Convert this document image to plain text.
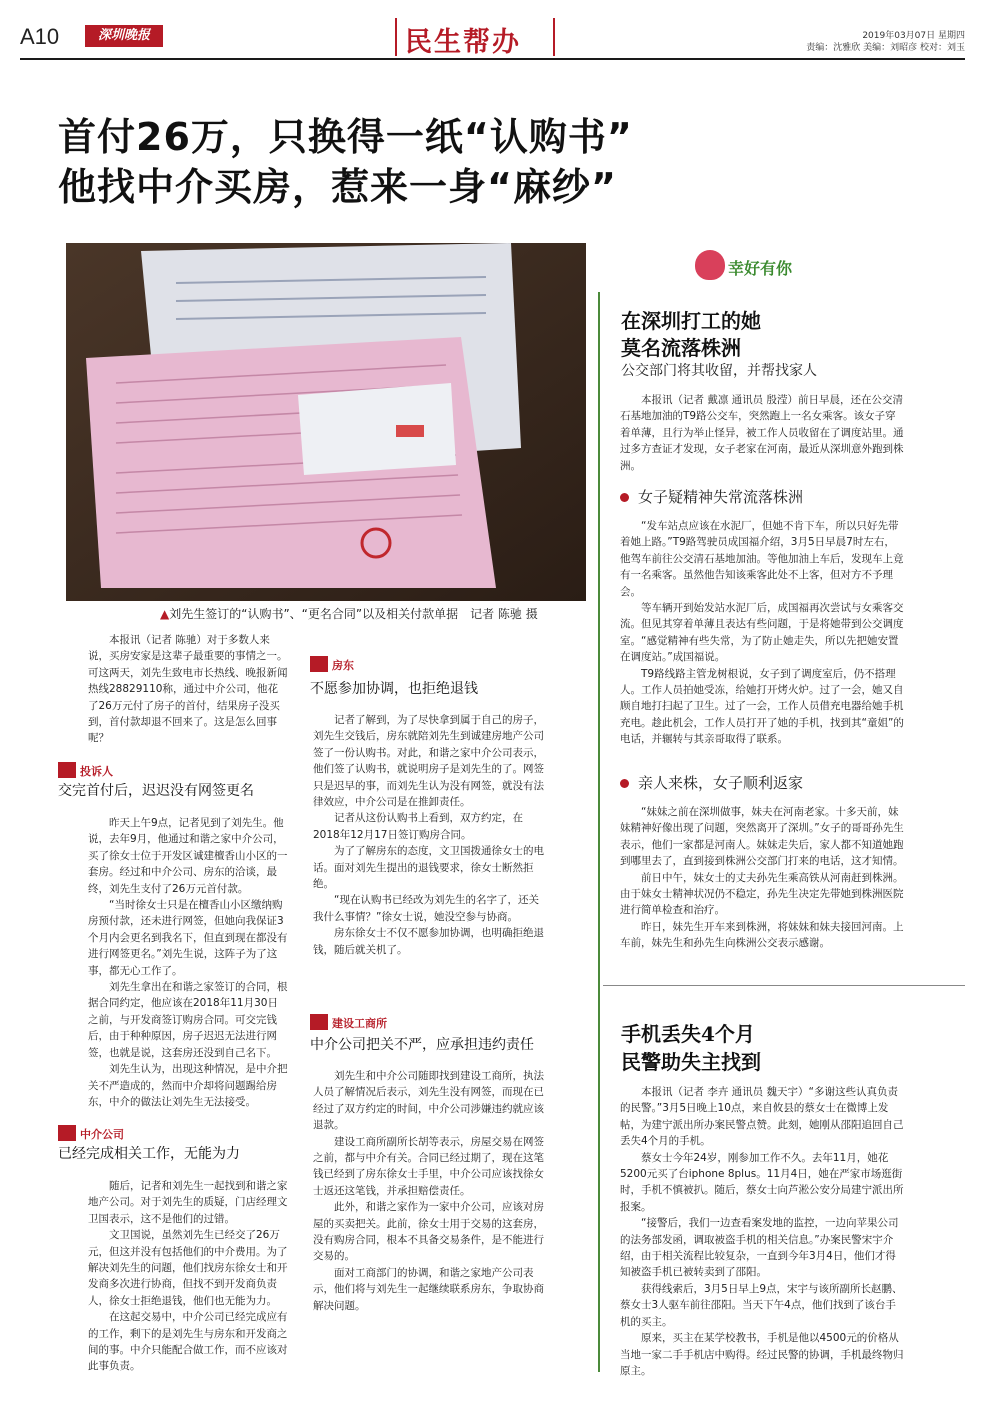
A10	深圳晚报	民生帮办	2019年03月07日 星期四
责编：沈雅欣 美编：刘昭彦 校对：刘玉
首付26万，只换得一纸“认购书”
他找中介买房，惹来一身“麻纱”
▲刘先生签订的“认购书”、“更名合同”以及相关付款单据　记者 陈驰 摄

本报讯（记者 陈驰）对于多数人来说，买房安家是这辈子最重要的事情之一。可这两天，刘先生致电市长热线、晚报新闻热线28829110称，通过中介公司，他花了26万元付了房子的首付，结果房子没买到，首付款却退不回来了。这是怎么回事呢？

投诉人
交完首付后，迟迟没有网签更名

昨天上午9点，记者见到了刘先生。他说，去年9月，他通过和谐之家中介公司，买了徐女士位于开发区诚建檀香山小区的一套房。经过和中介公司、房东的洽谈，最终，刘先生支付了26万元首付款。

“当时徐女士只是在檀香山小区缴纳购房预付款，还未进行网签，但她向我保证3个月内会更名到我名下，但直到现在都没有进行网签更名。”刘先生说，这阵子为了这事，都无心工作了。

刘先生拿出在和谐之家签订的合同，根据合同约定，他应该在2018年11月30日之前，与开发商签订购房合同。可交完钱后，由于种种原因，房子迟迟无法进行网签，也就是说，这套房还没到自己名下。

刘先生认为，出现这种情况，是中介把关不严造成的，然而中介却将问题踢给房东，中介的做法让刘先生无法接受。

中介公司
已经完成相关工作，无能为力

随后，记者和刘先生一起找到和谐之家地产公司。对于刘先生的质疑，门店经理文卫国表示，这不是他们的过错。

文卫国说，虽然刘先生已经交了26万元，但这并没有包括他们的中介费用。为了解决刘先生的问题，他们找房东徐女士和开发商多次进行协商，但找不到开发商负责人，徐女士拒绝退钱，他们也无能为力。

在这起交易中，中介公司已经完成应有的工作，剩下的是刘先生与房东和开发商之间的事。中介只能配合做工作，而不应该对此事负责。

房东
不愿参加协调，也拒绝退钱

记者了解到，为了尽快拿到属于自己的房子，刘先生交钱后，房东就陪刘先生到诚建房地产公司签了一份认购书。对此，和谐之家中介公司表示，他们签了认购书，就说明房子是刘先生的了。网签只是迟早的事，而刘先生认为没有网签，就没有法律效应，中介公司是在推卸责任。

记者从这份认购书上看到，双方约定，在2018年12月17日签订购房合同。

为了了解房东的态度，文卫国拨通徐女士的电话。面对刘先生提出的退钱要求，徐女士断然拒绝。

“现在认购书已经改为刘先生的名字了，还关我什么事情？”徐女士说，她没空参与协商。

房东徐女士不仅不愿参加协调，也明确拒绝退钱，随后就关机了。

建设工商所
中介公司把关不严，应承担违约责任

刘先生和中介公司随即找到建设工商所，执法人员了解情况后表示，刘先生没有网签，而现在已经过了双方约定的时间，中介公司涉嫌违约就应该退款。

建设工商所副所长胡等表示，房屋交易在网签之前，都与中介有关。合同已经过期了，现在这笔钱已经到了房东徐女士手里，中介公司应该找徐女士返还这笔钱，并承担赔偿责任。

此外，和谐之家作为一家中介公司，应该对房屋的买卖把关。此前，徐女士用于交易的这套房，没有购房合同，根本不具备交易条件，是不能进行交易的。

面对工商部门的协调，和谐之家地产公司表示，他们将与刘先生一起继续联系房东，争取协商解决问题。

幸好有你
在深圳打工的她
莫名流落株洲
公交部门将其收留，并帮找家人

本报讯（记者 戴凛 通讯员 殷滢）前日早晨，还在公交清石基地加油的T9路公交车，突然跑上一名女乘客。该女子穿着单薄，且行为举止怪异，被工作人员收留在了调度站里。通过多方查证才发现，女子老家在河南，最近从深圳意外跑到株洲。

女子疑精神失常流落株洲

“发车站点应该在水泥厂，但她不肯下车，所以只好先带着她上路。”T9路驾驶员成国福介绍，3月5日早晨7时左右，他驾车前往公交清石基地加油。等他加油上车后，发现车上竟有一名乘客。虽然他告知该乘客此处不上客，但对方不予理会。

等车辆开到始发站水泥厂后，成国福再次尝试与女乘客交流。但见其穿着单薄且表达有些问题，于是将她带到公交调度室。“感觉精神有些失常，为了防止她走失，所以先把她安置在调度站。”成国福说。

T9路线路主管龙树根说，女子到了调度室后，仍不搭理人。工作人员拍她受冻，给她打开烤火炉。过了一会，她又自顾自地打扫起了卫生。过了一会，工作人员借充电器给她手机充电。趁此机会，工作人员打开了她的手机，找到其“童姐”的电话，并辗转与其亲哥取得了联系。

亲人来株，女子顺利返家

“妹妹之前在深圳做事，妹夫在河南老家。十多天前，妹妹精神好像出现了问题，突然离开了深圳。”女子的哥哥孙先生表示，他们一家都是河南人。妹妹走失后，家人都不知道她跑到哪里去了，直到接到株洲公交部门打来的电话，这才知情。

前日中午，妹女士的丈夫孙先生乘高铁从河南赶到株洲。由于妹女士精神状况仍不稳定，孙先生决定先带她到株洲医院进行简单检查和治疗。

昨日，妹先生开车来到株洲，将妹妹和妹夫接回河南。上车前，妹先生和孙先生向株洲公交表示感谢。

手机丢失4个月
民警助失主找到

本报讯（记者 李卉 通讯员 魏天宇）“多谢这些认真负责的民警。”3月5日晚上10点，来自攸县的蔡女士在微博上发帖，为建宁派出所办案民警点赞。此刻，她刚从邵阳追回自己丢失4个月的手机。

蔡女士今年24岁，刚参加工作不久。去年11月，她花5200元买了台iphone 8plus。11月4日，她在严家市场逛街时，手机不慎被扒。随后，蔡女士向芦淞公安分局建宁派出所报案。

“接警后，我们一边查看案发地的监控，一边向苹果公司的法务部发函，调取被盗手机的相关信息。”办案民警宋宇介绍，由于相关流程比较复杂，一直到今年3月4日，他们才得知被盗手机已被转卖到了邵阳。

获得线索后，3月5日早上9点，宋宇与该所副所长赵鹏、蔡女士3人驱车前往邵阳。当天下午4点，他们找到了该台手机的买主。

原来，买主在某学校教书，手机是他以4500元的价格从当地一家二手手机店中购得。经过民警的协调，手机最终物归原主。
